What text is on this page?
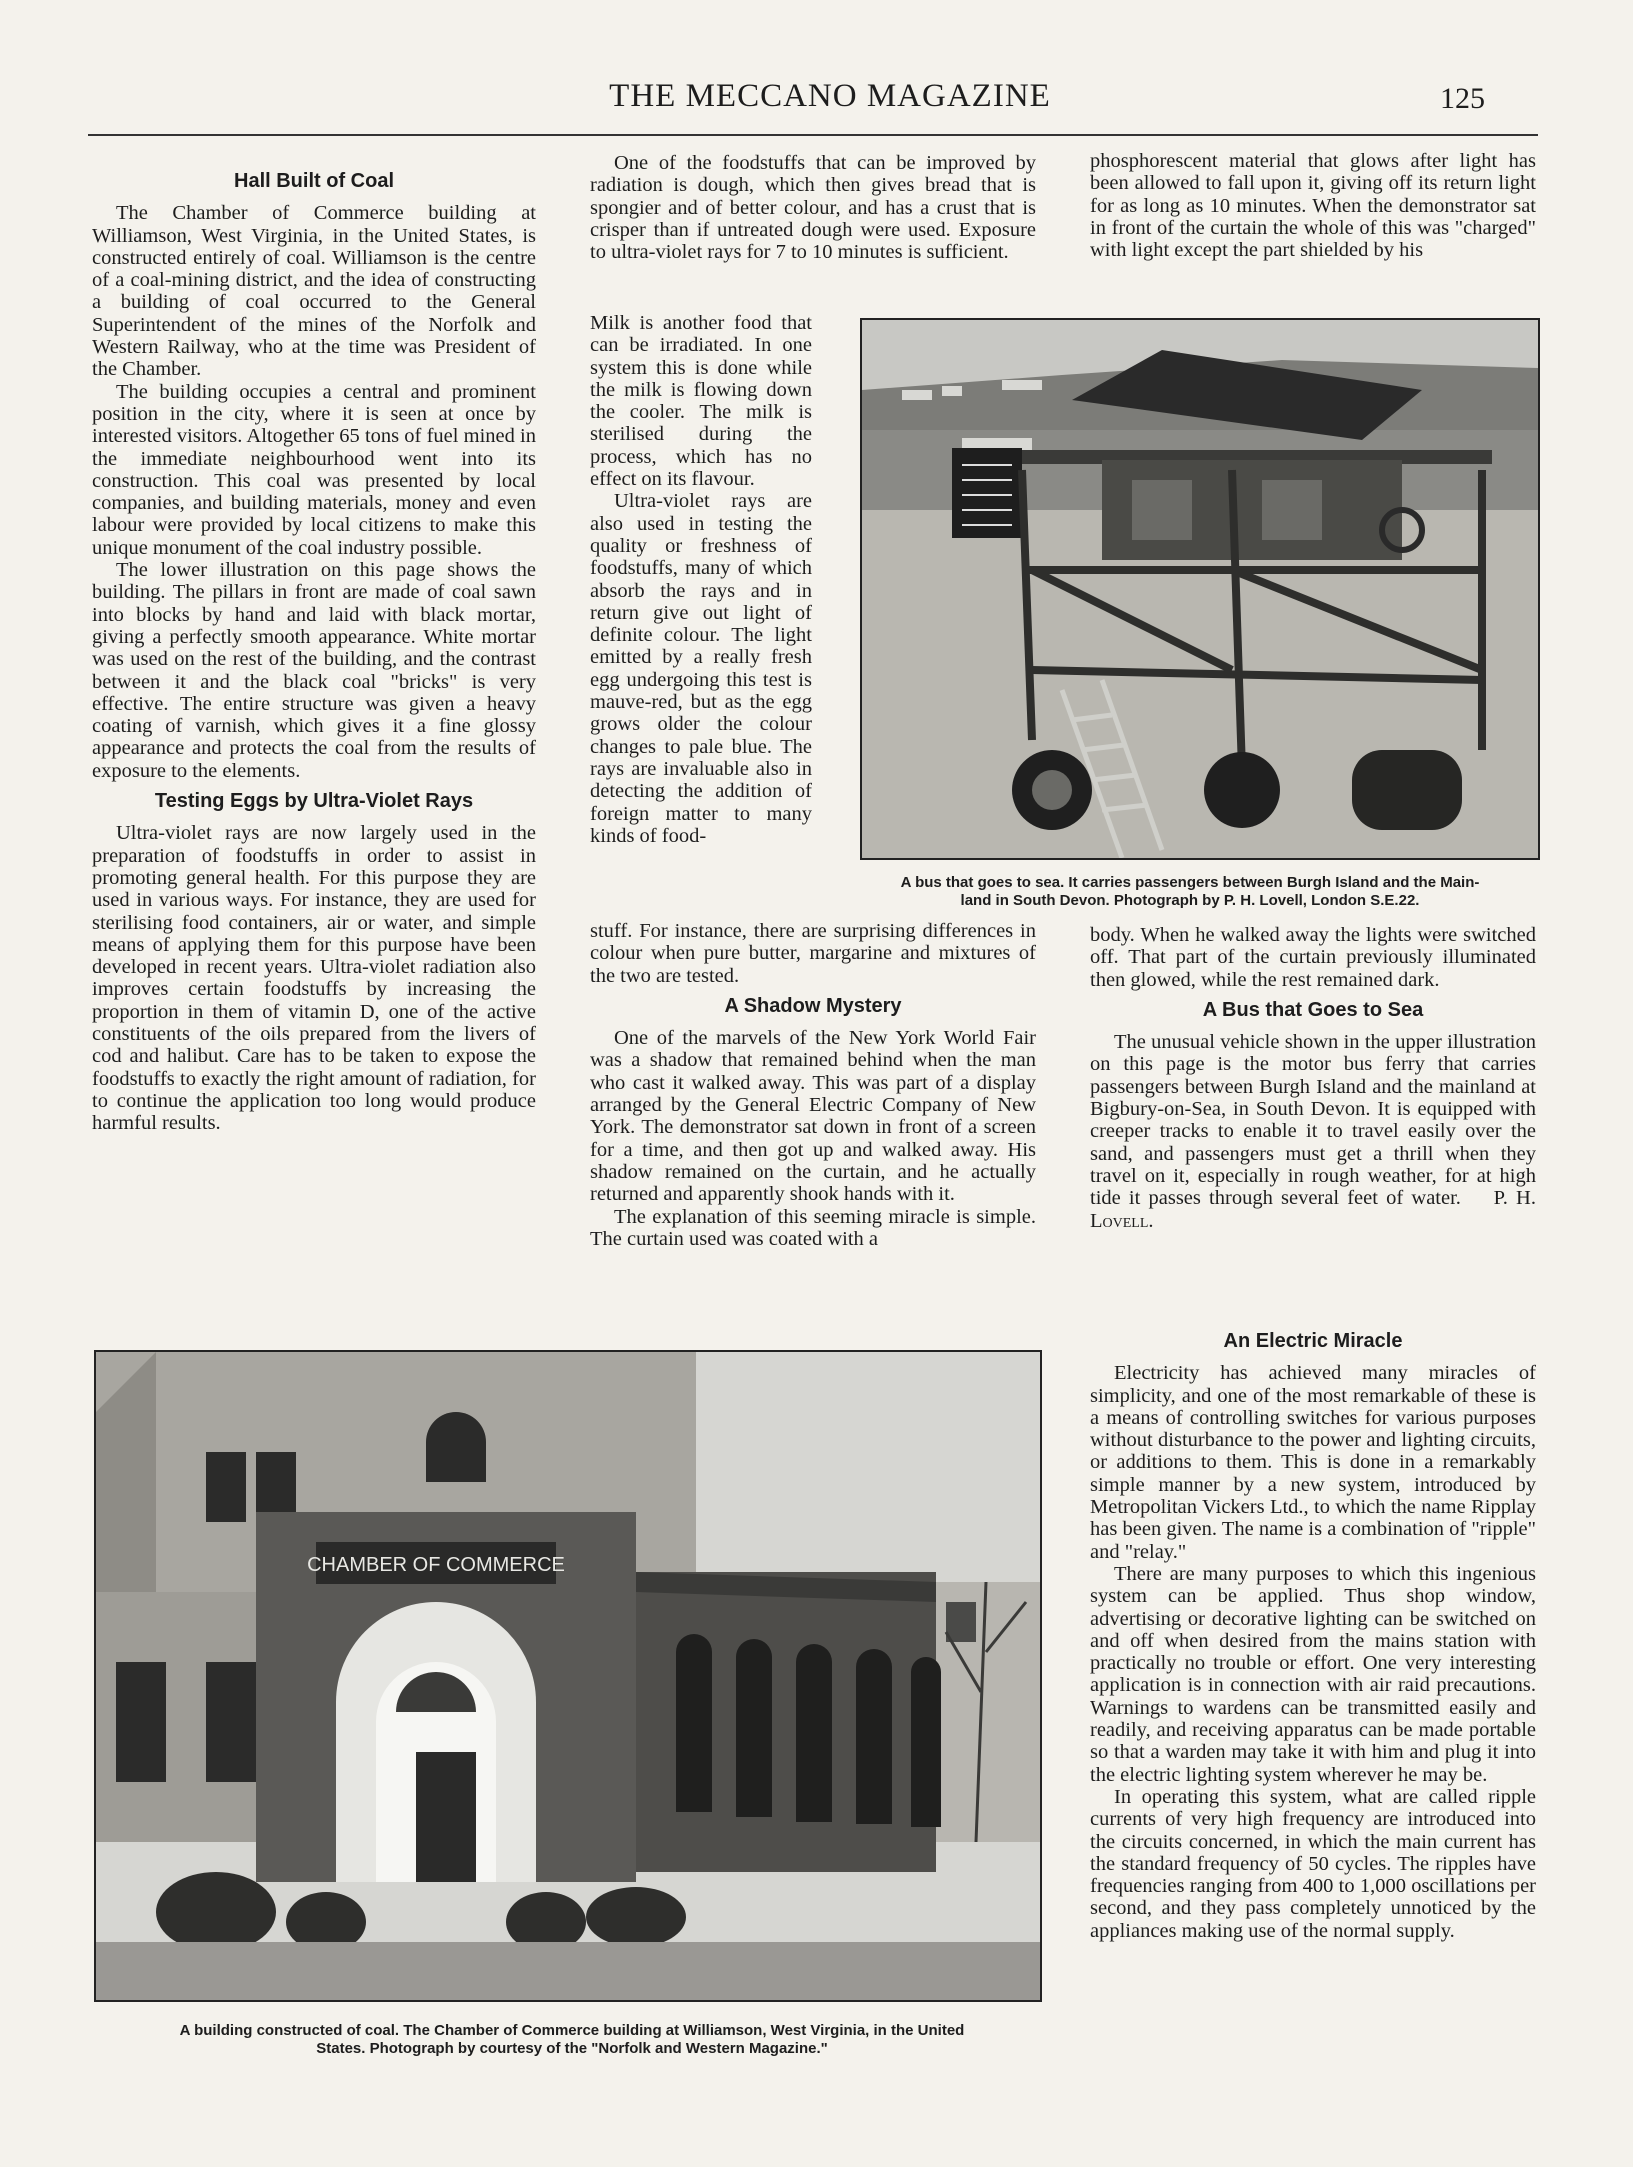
THE MECCANO MAGAZINE	125
Hall Built of Coal

The Chamber of Commerce building at Williamson, West Virginia, in the United States, is constructed entirely of coal. Williamson is the centre of a coal-mining district, and the idea of constructing a building of coal occurred to the General Superintendent of the mines of the Norfolk and Western Railway, who at the time was President of the Chamber.

The building occupies a central and prominent position in the city, where it is seen at once by interested visitors. Altogether 65 tons of fuel mined in the immediate neighbourhood went into its construction. This coal was presented by local companies, and building materials, money and even labour were provided by local citizens to make this unique monument of the coal industry possible.

The lower illustration on this page shows the building. The pillars in front are made of coal sawn into blocks by hand and laid with black mortar, giving a perfectly smooth appearance. White mortar was used on the rest of the building, and the contrast between it and the black coal "bricks" is very effective. The entire structure was given a heavy coating of varnish, which gives it a fine glossy appearance and protects the coal from the results of exposure to the elements.

Testing Eggs by Ultra-Violet Rays

Ultra-violet rays are now largely used in the preparation of foodstuffs in order to assist in promoting general health. For this purpose they are used in various ways. For instance, they are used for sterilising food containers, air or water, and simple means of applying them for this purpose have been developed in recent years. Ultra-violet radiation also improves certain foodstuffs by increasing the proportion in them of vitamin D, one of the active constituents of the oils prepared from the livers of cod and halibut. Care has to be taken to expose the foodstuffs to exactly the right amount of radiation, for to continue the application too long would produce harmful results.

One of the foodstuffs that can be improved by radiation is dough, which then gives bread that is spongier and of better colour, and has a crust that is crisper than if untreated dough were used. Exposure to ultra-violet rays for 7 to 10 minutes is sufficient.

Milk is another food that can be irradiated. In one system this is done while the milk is flowing down the cooler. The milk is sterilised during the process, which has no effect on its flavour.

Ultra-violet rays are also used in testing the quality or freshness of foodstuffs, many of which absorb the rays and in return give out light of definite colour. The light emitted by a really fresh egg undergoing this test is mauve-red, but as the egg grows older the colour changes to pale blue. The rays are invaluable also in detecting the addition of foreign matter to many kinds of food-

stuff. For instance, there are surprising differences in colour when pure butter, margarine and mixtures of the two are tested.

A Shadow Mystery

One of the marvels of the New York World Fair was a shadow that remained behind when the man who cast it walked away. This was part of a display arranged by the General Electric Company of New York. The demonstrator sat down in front of a screen for a time, and then got up and walked away. His shadow remained on the curtain, and he actually returned and apparently shook hands with it.

The explanation of this seeming miracle is simple. The curtain used was coated with a

phosphorescent material that glows after light has been allowed to fall upon it, giving off its return light for as long as 10 minutes. When the demonstrator sat in front of the curtain the whole of this was "charged" with light except the part shielded by his

body. When he walked away the lights were switched off. That part of the curtain previously illuminated then glowed, while the rest remained dark.

A Bus that Goes to Sea

The unusual vehicle shown in the upper illustration on this page is the motor bus ferry that carries passengers between Burgh Island and the mainland at Bigbury-on-Sea, in South Devon. It is equipped with creeper tracks to enable it to travel easily over the sand, and passengers must get a thrill when they travel on it, especially in rough weather, for at high tide it passes through several feet of water. P. H. Lovell.

An Electric Miracle

Electricity has achieved many miracles of simplicity, and one of the most remarkable of these is a means of controlling switches for various purposes without disturbance to the power and lighting circuits, or additions to them. This is done in a remarkably simple manner by a new system, introduced by Metropolitan Vickers Ltd., to which the name Ripplay has been given. The name is a combination of "ripple" and "relay."

There are many purposes to which this ingenious system can be applied. Thus shop window, advertising or decorative lighting can be switched on and off when desired from the mains station with practically no trouble or effort. One very interesting application is in connection with air raid precautions. Warnings to wardens can be transmitted easily and readily, and receiving apparatus can be made portable so that a warden may take it with him and plug it into the electric lighting system wherever he may be.

In operating this system, what are called ripple currents of very high frequency are introduced into the circuits concerned, in which the main current has the standard frequency of 50 cycles. The ripples have frequencies ranging from 400 to 1,000 oscillations per second, and they pass completely unnoticed by the appliances making use of the normal supply.

A bus that goes to sea. It carries passengers between Burgh Island and the Main-
land in South Devon. Photograph by P. H. Lovell, London S.E.22.
CHAMBER OF COMMERCE
A building constructed of coal. The Chamber of Commerce building at Williamson, West Virginia, in the United
States. Photograph by courtesy of the "Norfolk and Western Magazine."
